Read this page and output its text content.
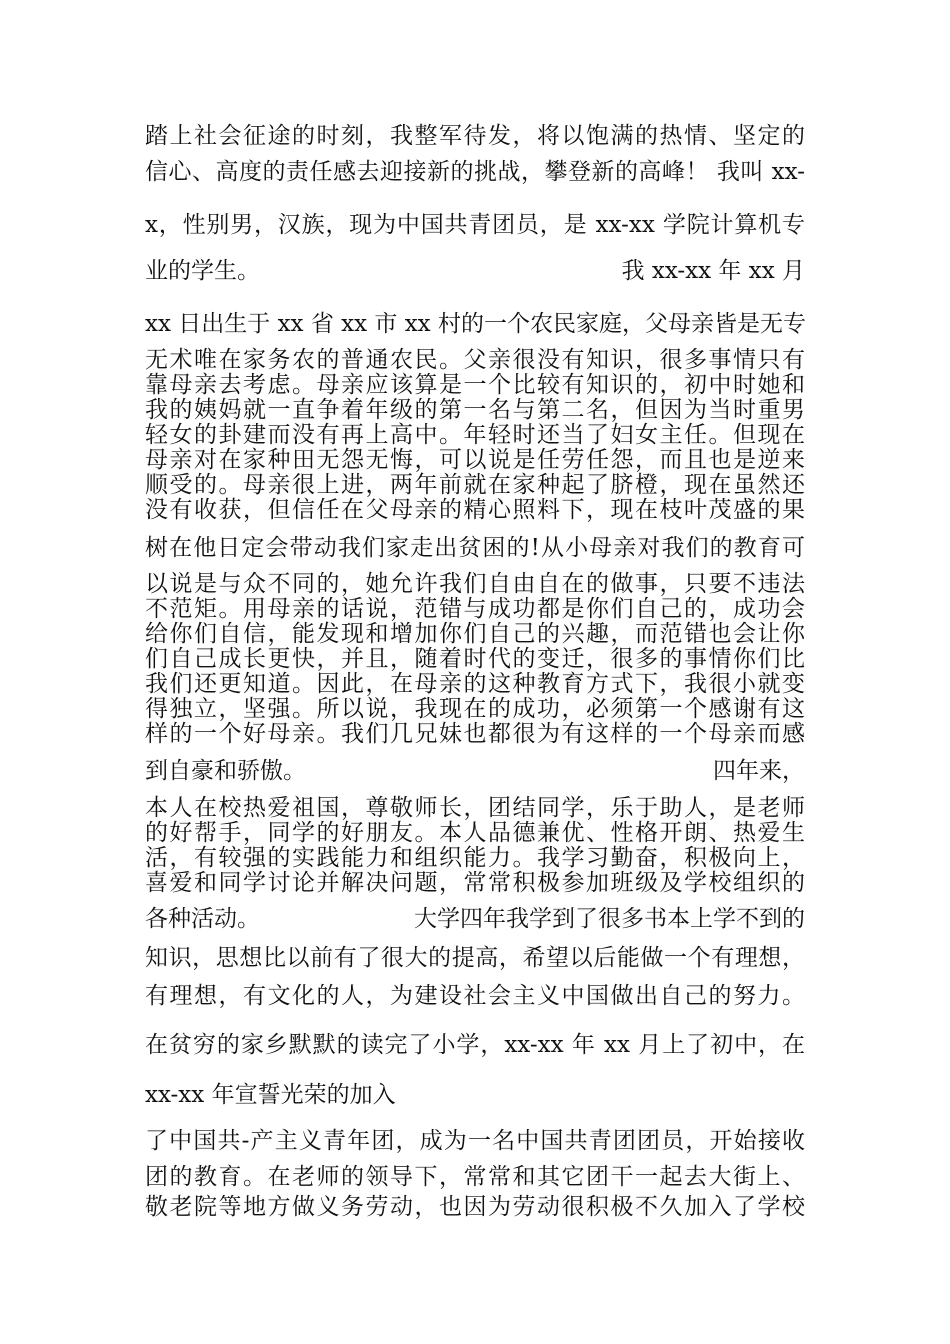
踏上社会征途的时刻，我整军待发，将以饱满的热情、坚定的
信心、高度的责任感去迎接新的挑战，攀登新的高峰！ 我叫 xx-
x，性别男，汉族，现为中国共青团员，是 xx-xx 学院计算机专
业的学生。	我 xx-xx 年 xx 月
xx 日出生于 xx 省 xx 市 xx 村的一个农民家庭，父母亲皆是无专
无术唯在家务农的普通农民。父亲很没有知识，很多事情只有
靠母亲去考虑。母亲应该算是一个比较有知识的，初中时她和
我的姨妈就一直争着年级的第一名与第二名，但因为当时重男
轻女的卦建而没有再上高中。年轻时还当了妇女主任。但现在
母亲对在家种田无怨无悔，可以说是任劳任怨，而且也是逆来
顺受的。母亲很上进，两年前就在家种起了脐橙，现在虽然还
没有收获，但信任在父母亲的精心照料下，现在枝叶茂盛的果
树在他日定会带动我们家走出贫困的!从小母亲对我们的教育可
以说是与众不同的，她允许我们自由自在的做事，只要不违法
不范矩。用母亲的话说，范错与成功都是你们自己的，成功会
给你们自信，能发现和增加你们自己的兴趣，而范错也会让你
们自己成长更快，并且，随着时代的变迁，很多的事情你们比
我们还更知道。因此，在母亲的这种教育方式下，我很小就变
得独立，坚强。所以说，我现在的成功，必须第一个感谢有这
样的一个好母亲。我们几兄妹也都很为有这样的一个母亲而感
到自豪和骄傲。	四年来，
本人在校热爱祖国，尊敬师长，团结同学，乐于助人，是老师
的好帮手，同学的好朋友。本人品德兼优、性格开朗、热爱生
活，有较强的实践能力和组织能力。我学习勤奋，积极向上，
喜爱和同学讨论并解决问题，常常积极参加班级及学校组织的
各种活动。	大学四年我学到了很多书本上学不到的
知识，思想比以前有了很大的提高，希望以后能做一个有理想，
有理想，有文化的人，为建设社会主义中国做出自己的努力。
在贫穷的家乡默默的读完了小学，xx-xx 年 xx 月上了初中，在
xx-xx 年宣誓光荣的加入
了中国共-产主义青年团，成为一名中国共青团团员，开始接收
团的教育。在老师的领导下，常常和其它团干一起去大街上、
敬老院等地方做义务劳动，也因为劳动很积极不久加入了学校
